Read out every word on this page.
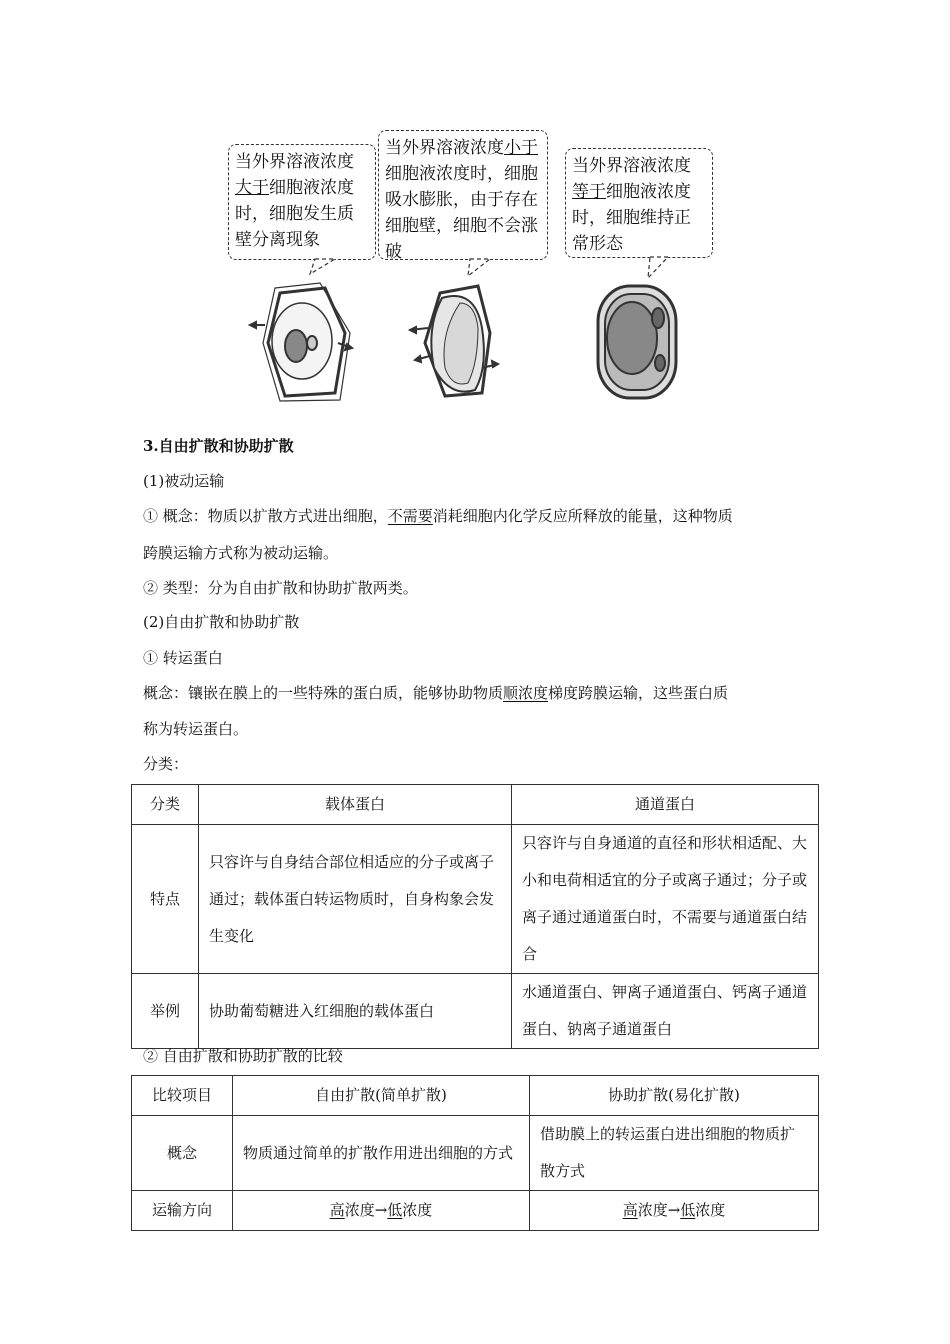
当外界溶液浓度大于细胞液浓度时，细胞发生质壁分离现象
当外界溶液浓度小于细胞液浓度时，细胞吸水膨胀，由于存在细胞壁，细胞不会涨破
当外界溶液浓度等于细胞液浓度时，细胞维持正常形态
3.自由扩散和协助扩散
(1)被动运输
① 概念：物质以扩散方式进出细胞，不需要消耗细胞内化学反应所释放的能量，这种物质
跨膜运输方式称为被动运输。
② 类型：分为自由扩散和协助扩散两类。
(2)自由扩散和协助扩散
① 转运蛋白
概念：镶嵌在膜上的一些特殊的蛋白质，能够协助物质顺浓度梯度跨膜运输，这些蛋白质
称为转运蛋白。
分类：
分类	载体蛋白	通道蛋白
特点	只容许与自身结合部位相适应的分子或离子通过；载体蛋白转运物质时，自身构象会发生变化	只容许与自身通道的直径和形状相适配、大小和电荷相适宜的分子或离子通过；分子或离子通过通道蛋白时，不需要与通道蛋白结合
举例	协助葡萄糖进入红细胞的载体蛋白	水通道蛋白、钾离子通道蛋白、钙离子通道蛋白、钠离子通道蛋白
② 自由扩散和协助扩散的比较
比较项目	自由扩散(简单扩散)	协助扩散(易化扩散)
概念	物质通过简单的扩散作用进出细胞的方式	借助膜上的转运蛋白进出细胞的物质扩散方式
运输方向	高浓度→低浓度	高浓度→低浓度
